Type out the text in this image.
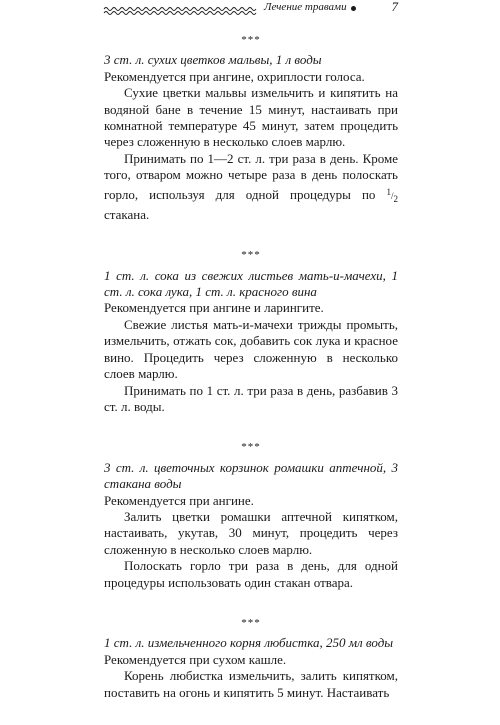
Лечение травами	7
***
3 ст. л. сухих цветков мальвы, 1 л воды
Рекомендуется при ангине, охриплости голоса.
Сухие цветки мальвы измельчить и кипятить на водяной бане в течение 15 минут, настаивать при комнатной температуре 45 минут, затем процедить через сложенную в несколько слоев марлю.
Принимать по 1—2 ст. л. три раза в день. Кроме того, отваром можно четыре раза в день полоскать горло, используя для одной процедуры по $^1/_2$ стакана.
***
1 ст. л. сока из свежих листьев мать-и-мачехи, 1 ст. л. сока лука, 1 ст. л. красного вина
Рекомендуется при ангине и ларингите.
Свежие листья мать-и-мачехи трижды промыть, измельчить, отжать сок, добавить сок лука и красное вино. Процедить через сложенную в несколько слоев марлю.
Принимать по 1 ст. л. три раза в день, разбавив 3 ст. л. воды.
***
3 ст. л. цветочных корзинок ромашки аптечной, 3 стакана воды
Рекомендуется при ангине.
Залить цветки ромашки аптечной кипятком, настаивать, укутав, 30 минут, процедить через сложенную в несколько слоев марлю.
Полоскать горло три раза в день, для одной процедуры использовать один стакан отвара.
***
1 ст. л. измельченного корня любистка, 250 мл воды
Рекомендуется при сухом кашле.
Корень любистка измельчить, залить кипятком, поставить на огонь и кипятить 5 минут. Настаивать
